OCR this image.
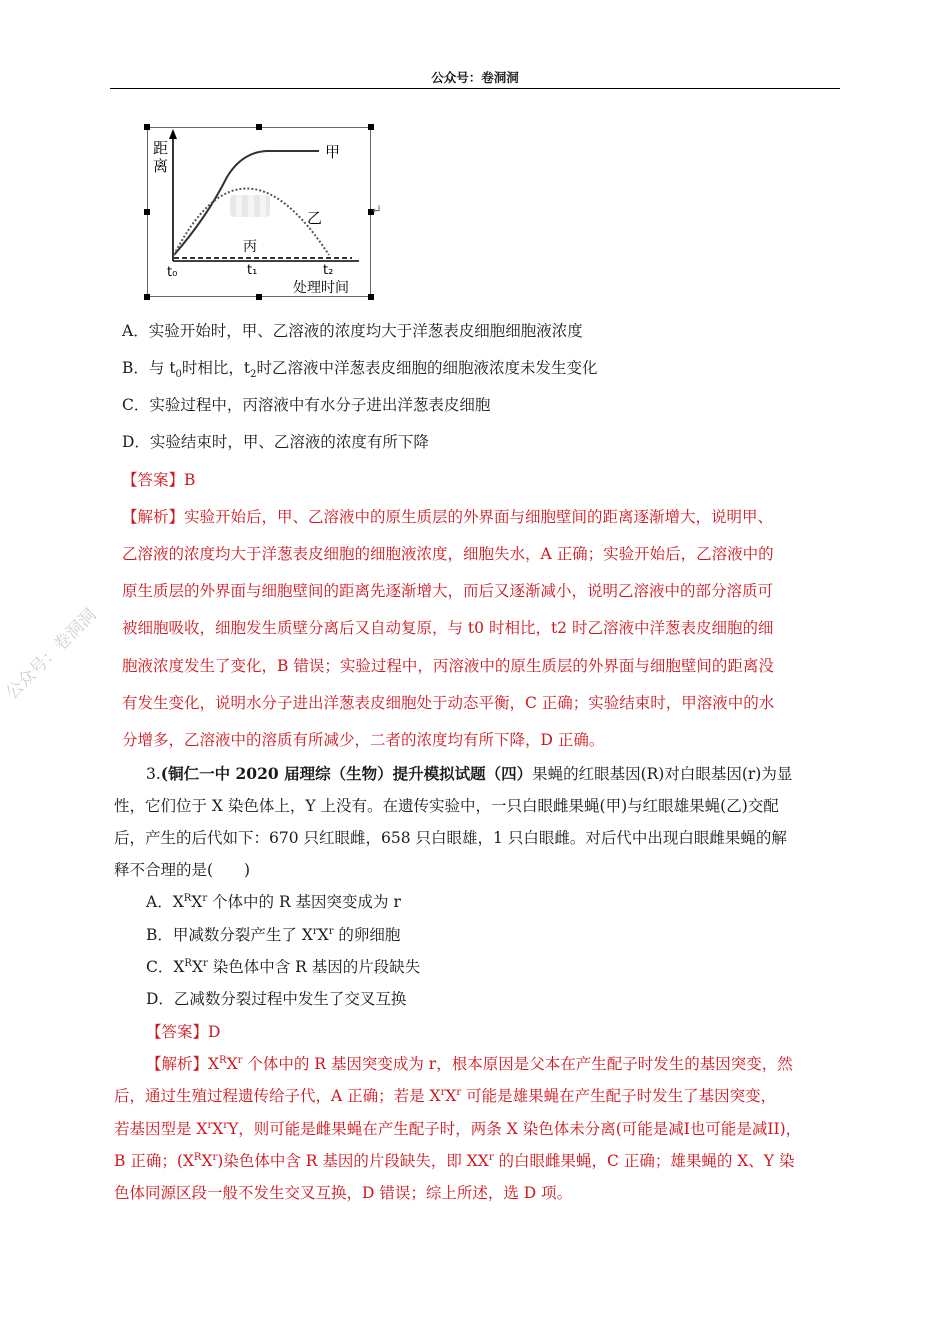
公众号：卷洞洞
公众号：卷洞洞
距
离
甲
乙
丙
t₀	t₁	t₂
处理时间
↵
A．实验开始时，甲、乙溶液的浓度均大于洋葱表皮细胞细胞液浓度
B．与 $t_0$时相比，$t_2$时乙溶液中洋葱表皮细胞的细胞液浓度未发生变化
C．实验过程中，丙溶液中有水分子进出洋葱表皮细胞
D．实验结束时，甲、乙溶液的浓度有所下降
【答案】B
【解析】实验开始后，甲、乙溶液中的原生质层的外界面与细胞壁间的距离逐渐增大，说明甲、
乙溶液的浓度均大于洋葱表皮细胞的细胞液浓度，细胞失水，A 正确；实验开始后，乙溶液中的
原生质层的外界面与细胞壁间的距离先逐渐增大，而后又逐渐减小，说明乙溶液中的部分溶质可
被细胞吸收，细胞发生质壁分离后又自动复原，与 t0 时相比，t2 时乙溶液中洋葱表皮细胞的细
胞液浓度发生了变化，B 错误；实验过程中，丙溶液中的原生质层的外界面与细胞壁间的距离没
有发生变化，说明水分子进出洋葱表皮细胞处于动态平衡，C 正确；实验结束时，甲溶液中的水
分增多，乙溶液中的溶质有所减少，二者的浓度均有所下降，D 正确。
3.(铜仁一中 2020 届理综（生物）提升模拟试题（四）果蝇的红眼基因(R)对白眼基因(r)为显
性，它们位于 X 染色体上，Y 上没有。在遗传实验中，一只白眼雌果蝇(甲)与红眼雄果蝇(乙)交配
后，产生的后代如下：670 只红眼雌，658 只白眼雄，1 只白眼雌。对后代中出现白眼雌果蝇的解
释不合理的是(　　)
A．$X^RX^r$ 个体中的 R 基因突变成为 r
B．甲减数分裂产生了 $X^rX^r$ 的卵细胞
C．$X^RX^r$ 染色体中含 R 基因的片段缺失
D．乙减数分裂过程中发生了交叉互换
【答案】D
【解析】$X^RX^r$ 个体中的 R 基因突变成为 r，根本原因是父本在产生配子时发生的基因突变，然
后，通过生殖过程遗传给子代，A 正确；若是 $X^rX^r$ 可能是雄果蝇在产生配子时发生了基因突变，
若基因型是 $X^rX^rY$，则可能是雌果蝇在产生配子时，两条 X 染色体未分离(可能是减I也可能是减II)，
B 正确；$(X^RX^r)$染色体中含 R 基因的片段缺失，即 $XX^r$ 的白眼雌果蝇，C 正确；雄果蝇的 X、Y 染
色体同源区段一般不发生交叉互换，D 错误；综上所述，选 D 项。
